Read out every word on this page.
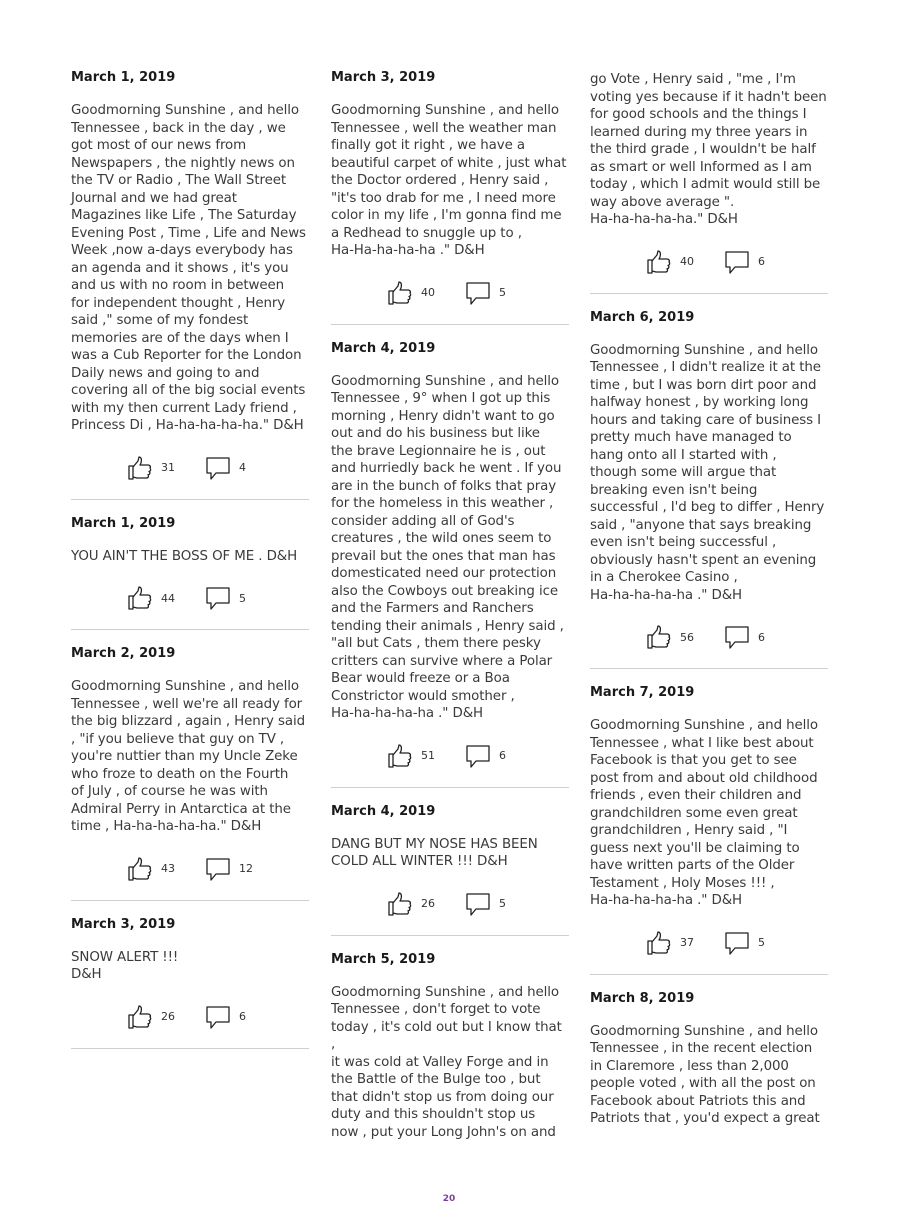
March 1, 2019

Goodmorning Sunshine , and hello
Tennessee , back in the day , we
got most of our news from
Newspapers , the nightly news on
the TV or Radio , The Wall Street
Journal and we had great
Magazines like Life , The Saturday
Evening Post , Time , Life and News
Week ,now a-days everybody has
an agenda and it shows , it's you
and us with no room in between
for independent thought , Henry
said ," some of my fondest
memories are of the days when I
was a Cub Reporter for the London
Daily news and going to and
covering all of the big social events
with my then current Lady friend ,
Princess Di , Ha-ha-ha-ha-ha." D&H

31	4
March 1, 2019

YOU AIN'T THE BOSS OF ME . D&H

44	5
March 2, 2019

Goodmorning Sunshine , and hello
Tennessee , well we're all ready for
the big blizzard , again , Henry said
, "if you believe that guy on TV ,
you're nuttier than my Uncle Zeke
who froze to death on the Fourth
of July , of course he was with
Admiral Perry in Antarctica at the
time , Ha-ha-ha-ha-ha." D&H

43	12
March 3, 2019

SNOW ALERT !!!
D&H

26	6
March 3, 2019

Goodmorning Sunshine , and hello
Tennessee , well the weather man
finally got it right , we have a
beautiful carpet of white , just what
the Doctor ordered , Henry said ,
"it's too drab for me , I need more
color in my life , I'm gonna find me
a Redhead to snuggle up to ,
Ha-Ha-ha-ha-ha ." D&H

40	5
March 4, 2019

Goodmorning Sunshine , and hello
Tennessee , 9° when I got up this
morning , Henry didn't want to go
out and do his business but like
the brave Legionnaire he is , out
and hurriedly back he went . If you
are in the bunch of folks that pray
for the homeless in this weather ,
consider adding all of God's
creatures , the wild ones seem to
prevail but the ones that man has
domesticated need our protection
also the Cowboys out breaking ice
and the Farmers and Ranchers
tending their animals , Henry said ,
"all but Cats , them there pesky
critters can survive where a Polar
Bear would freeze or a Boa
Constrictor would smother ,
Ha-ha-ha-ha-ha ." D&H

51	6
March 4, 2019

DANG BUT MY NOSE HAS BEEN
COLD ALL WINTER !!! D&H

26	5
March 5, 2019

Goodmorning Sunshine , and hello
Tennessee , don't forget to vote
today , it's cold out but I know that ,
it was cold at Valley Forge and in
the Battle of the Bulge too , but
that didn't stop us from doing our
duty and this shouldn't stop us
now , put your Long John's on and

go Vote , Henry said , "me , I'm
voting yes because if it hadn't been
for good schools and the things I
learned during my three years in
the third grade , I wouldn't be half
as smart or well Informed as I am
today , which I admit would still be
way above average ".
Ha-ha-ha-ha-ha." D&H

40	6
March 6, 2019

Goodmorning Sunshine , and hello
Tennessee , I didn't realize it at the
time , but I was born dirt poor and
halfway honest , by working long
hours and taking care of business I
pretty much have managed to
hang onto all I started with ,
though some will argue that
breaking even isn't being
successful , I'd beg to differ , Henry
said , "anyone that says breaking
even isn't being successful ,
obviously hasn't spent an evening
in a Cherokee Casino ,
Ha-ha-ha-ha-ha ." D&H

56	6
March 7, 2019

Goodmorning Sunshine , and hello
Tennessee , what I like best about
Facebook is that you get to see
post from and about old childhood
friends , even their children and
grandchildren some even great
grandchildren , Henry said , "I
guess next you'll be claiming to
have written parts of the Older
Testament , Holy Moses !!! ,
Ha-ha-ha-ha-ha ." D&H

37	5
March 8, 2019

Goodmorning Sunshine , and hello
Tennessee , in the recent election
in Claremore , less than 2,000
people voted , with all the post on
Facebook about Patriots this and
Patriots that , you'd expect a great

20
